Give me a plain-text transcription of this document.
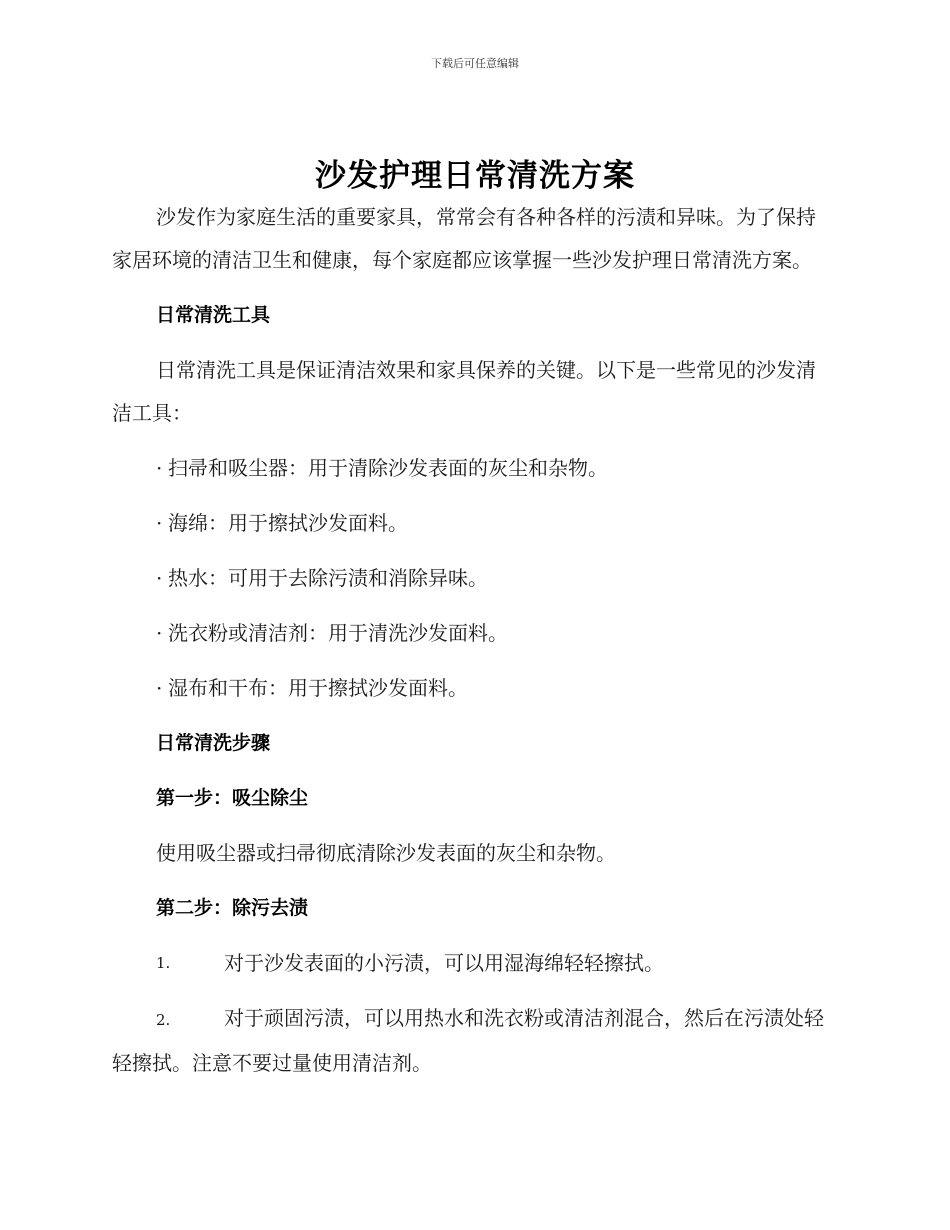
下载后可任意编辑
沙发护理日常清洗方案

沙发作为家庭生活的重要家具，常常会有各种各样的污渍和异味。为了保持家居环境的清洁卫生和健康，每个家庭都应该掌握一些沙发护理日常清洗方案。

日常清洗工具

日常清洗工具是保证清洁效果和家具保养的关键。以下是一些常见的沙发清洁工具：

· 扫帚和吸尘器：用于清除沙发表面的灰尘和杂物。
· 海绵：用于擦拭沙发面料。
· 热水：可用于去除污渍和消除异味。
· 洗衣粉或清洁剂：用于清洗沙发面料。
· 湿布和干布：用于擦拭沙发面料。

日常清洗步骤

第一步：吸尘除尘

使用吸尘器或扫帚彻底清除沙发表面的灰尘和杂物。

第二步：除污去渍

1.	对于沙发表面的小污渍，可以用湿海绵轻轻擦拭。

2.	对于顽固污渍，可以用热水和洗衣粉或清洁剂混合，然后在污渍处轻轻擦拭。注意不要过量使用清洁剂。
